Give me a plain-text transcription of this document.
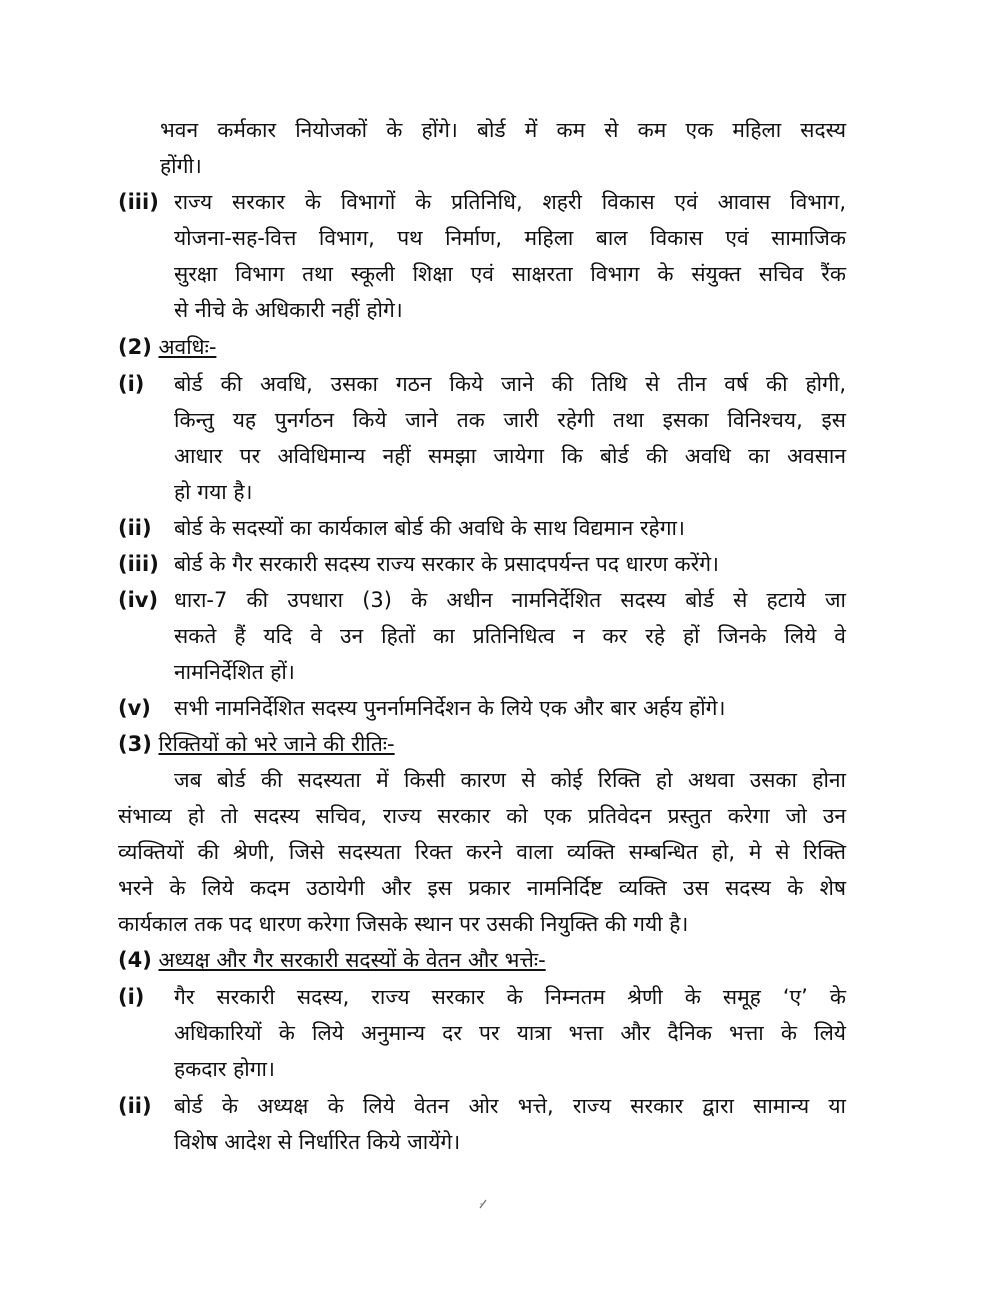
भवन कर्मकार नियोजकों के होंगे। बोर्ड में कम से कम एक महिला सदस्य
होंगी।
(iii) राज्य सरकार के विभागों के प्रतिनिधि, शहरी विकास एवं आवास विभाग,
योजना-सह-वित्त विभाग, पथ निर्माण, महिला बाल विकास एवं सामाजिक
सुरक्षा विभाग तथा स्कूली शिक्षा एवं साक्षरता विभाग के संयुक्त सचिव रैंक
से नीचे के अधिकारी नहीं होगे।
(2) अवधिः-
(i) बोर्ड की अवधि, उसका गठन किये जाने की तिथि से तीन वर्ष की होगी,
किन्तु यह पुनर्गठन किये जाने तक जारी रहेगी तथा इसका विनिश्चय, इस
आधार पर अविधिमान्य नहीं समझा जायेगा कि बोर्ड की अवधि का अवसान
हो गया है।
(ii) बोर्ड के सदस्यों का कार्यकाल बोर्ड की अवधि के साथ विद्यमान रहेगा।
(iii) बोर्ड के गैर सरकारी सदस्य राज्य सरकार के प्रसादपर्यन्त पद धारण करेंगे।
(iv) धारा-7 की उपधारा (3) के अधीन नामनिर्देशित सदस्य बोर्ड से हटाये जा
सकते हैं यदि वे उन हितों का प्रतिनिधित्व न कर रहे हों जिनके लिये वे
नामनिर्देशित हों।
(v) सभी नामनिर्देशित सदस्य पुनर्नामनिर्देशन के लिये एक और बार अर्हय होंगे।
(3) रिक्तियों को भरे जाने की रीतिः-
जब बोर्ड की सदस्यता में किसी कारण से कोई रिक्ति हो अथवा उसका होना
संभाव्य हो तो सदस्य सचिव, राज्य सरकार को एक प्रतिवेदन प्रस्तुत करेगा जो उन
व्यक्तियों की श्रेणी, जिसे सदस्यता रिक्त करने वाला व्यक्ति सम्बन्धित हो, मे से रिक्ति
भरने के लिये कदम उठायेगी और इस प्रकार नामनिर्दिष्ट व्यक्ति उस सदस्य के शेष
कार्यकाल तक पद धारण करेगा जिसके स्थान पर उसकी नियुक्ति की गयी है।
(4) अध्यक्ष और गैर सरकारी सदस्यों के वेतन और भत्तेः-
(i) गैर सरकारी सदस्य, राज्य सरकार के निम्नतम श्रेणी के समूह ‘ए’ के
अधिकारियों के लिये अनुमान्य दर पर यात्रा भत्ता और दैनिक भत्ता के लिये
हकदार होगा।
(ii) बोर्ड के अध्यक्ष के लिये वेतन ओर भत्ते, राज्य सरकार द्वारा सामान्य या
विशेष आदेश से निर्धारित किये जायेंगे।
